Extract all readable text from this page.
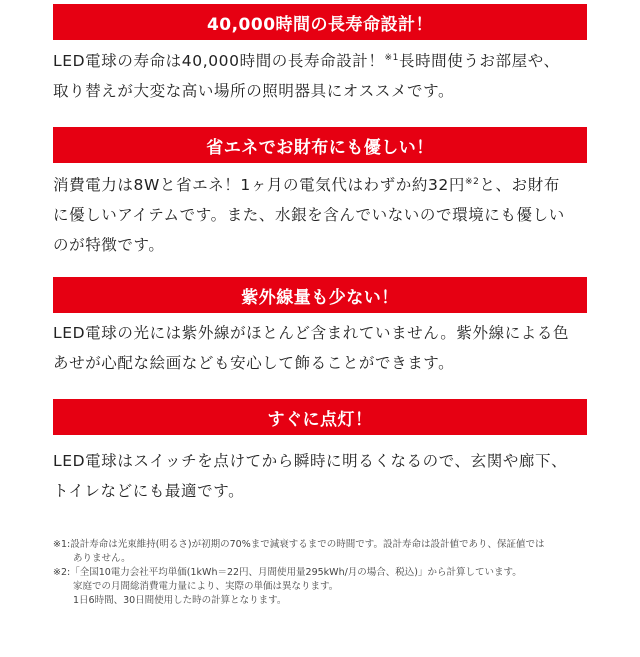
40,000時間の長寿命設計！
LED電球の寿命は40,000時間の長寿命設計！$^{※1}$長時間使うお部屋や、
取り替えが大変な高い場所の照明器具にオススメです。
省エネでお財布にも優しい！
消費電力は8Wと省エネ！1ヶ月の電気代はわずか約32円$^{※2}$と、お財布
に優しいアイテムです。また、水銀を含んでいないので環境にも優しい
のが特徴です。
紫外線量も少ない！
LED電球の光には紫外線がほとんど含まれていません。紫外線による色
あせが心配な絵画なども安心して飾ることができます。
すぐに点灯！
LED電球はスイッチを点けてから瞬時に明るくなるので、玄関や廊下、
トイレなどにも最適です。
※1:設計寿命は光束維持(明るさ)が初期の70%まで減衰するまでの時間です。設計寿命は設計値であり、保証値では
ありません。
※2:「全国10電力会社平均単価(1kWh＝22円、月間使用量295kWh/月の場合、税込)」から計算しています。
家庭での月間総消費電力量により、実際の単価は異なります。
1日6時間、30日間使用した時の計算となります。
